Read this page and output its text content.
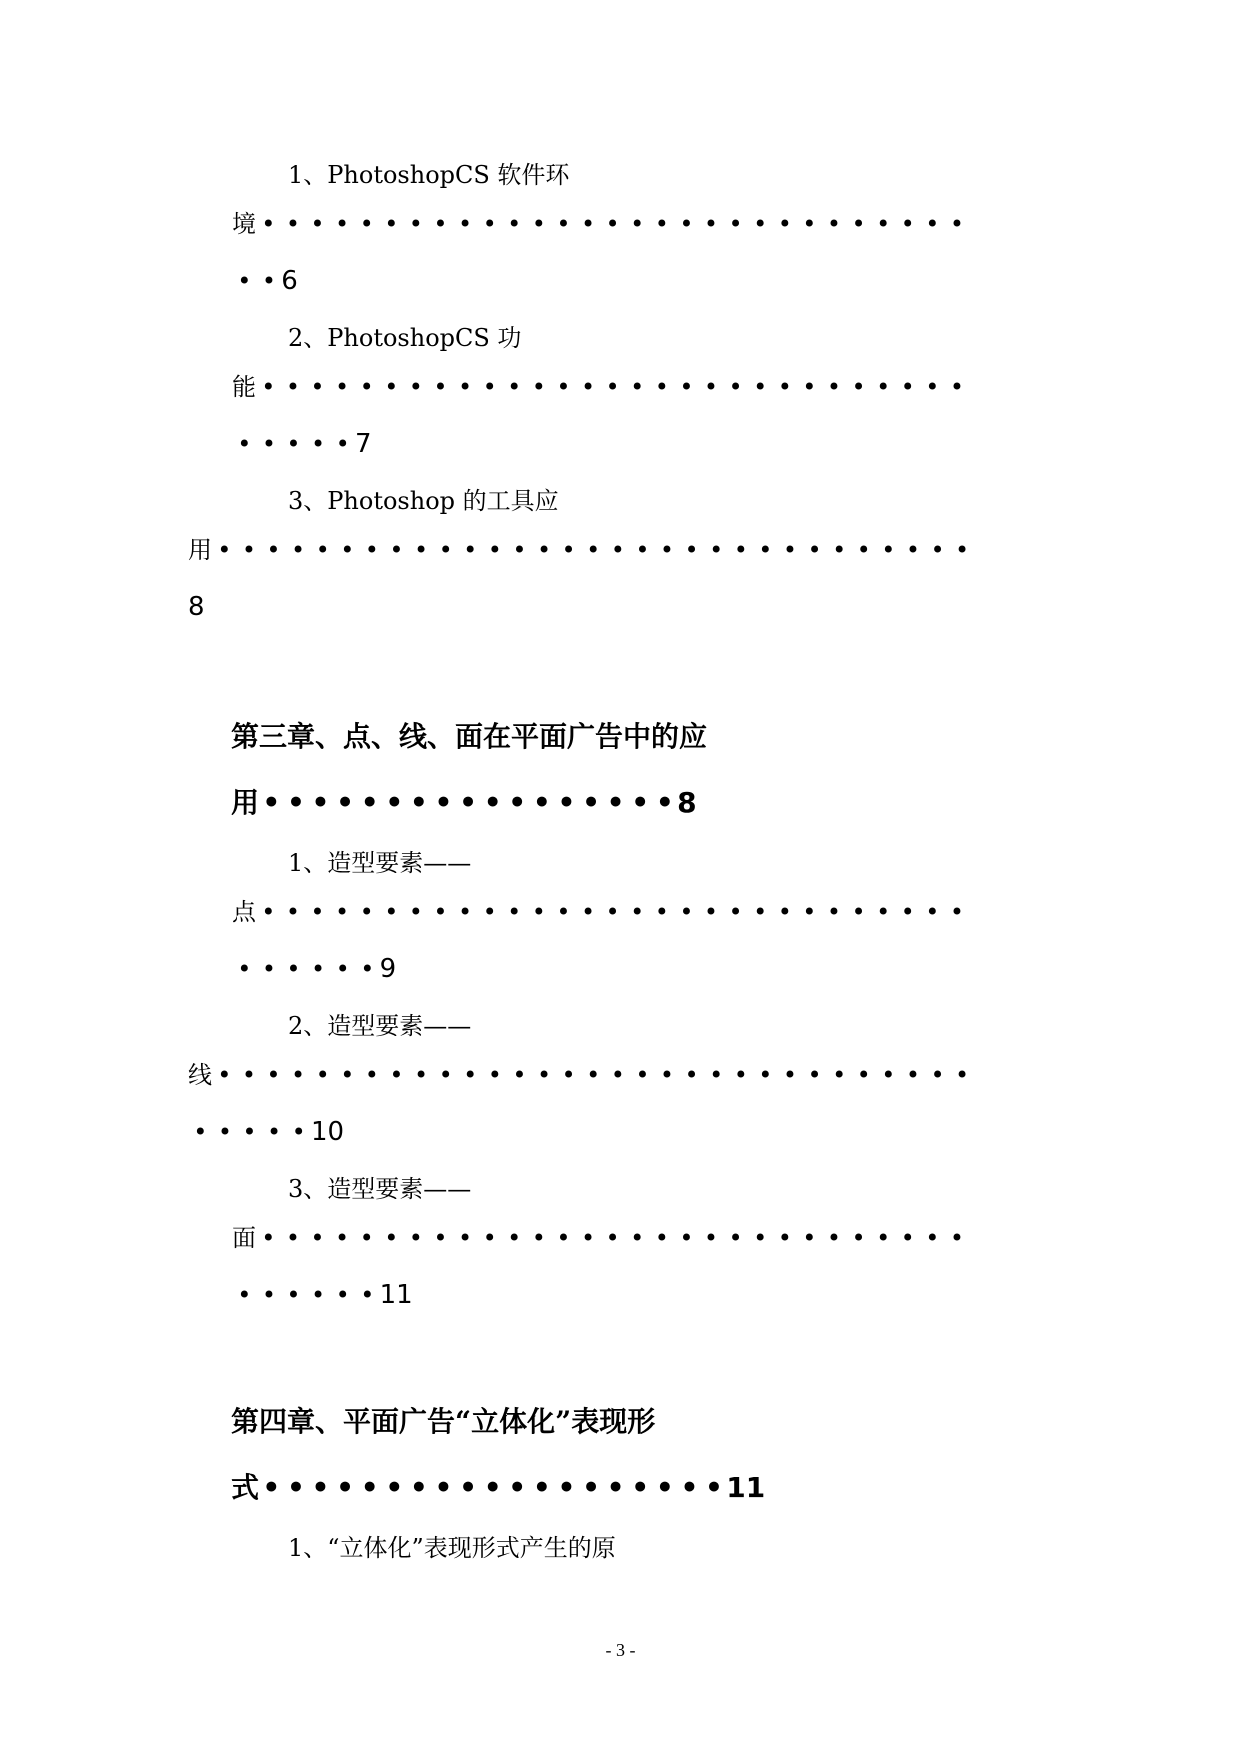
1、PhotoshopCS 软件环
境 • • • • • • • • • • • • • • • • • • • • • • • • • • • • •
• • 6
2、PhotoshopCS 功
能 • • • • • • • • • • • • • • • • • • • • • • • • • • • • •
• • • • • 7
3、Photoshop 的工具应
用 • • • • • • • • • • • • • • • • • • • • • • • • • • • • • • •
8
第三章、点、线、面在平面广告中的应
用 • • • • • • • • • • • • • • • • • 8
1、造型要素——
点 • • • • • • • • • • • • • • • • • • • • • • • • • • • • •
• • • • • • 9
2、造型要素——
线 • • • • • • • • • • • • • • • • • • • • • • • • • • • • • • •
• • • • • 10
3、造型要素——
面 • • • • • • • • • • • • • • • • • • • • • • • • • • • • •
• • • • • • 11
第四章、平面广告“立体化”表现形
式 • • • • • • • • • • • • • • • • • • • 11
1、“立体化”表现形式产生的原
- 3 -
